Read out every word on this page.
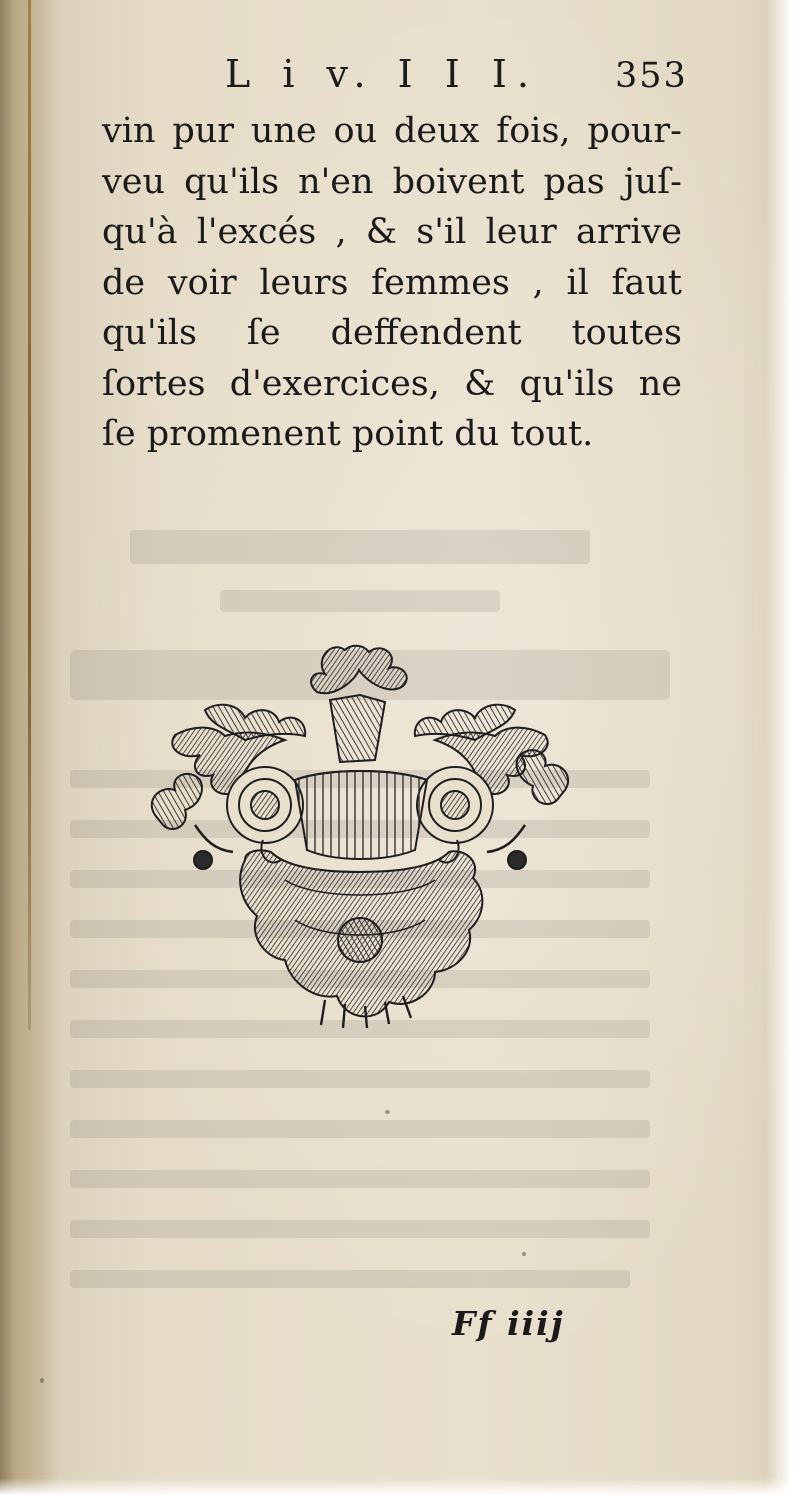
L i v. I I I. 353
vin pur une ou deux fois, pour-
veu qu'ils n'en boivent pas juſ-
qu'à l'excés , & s'il leur arrive
de voir leurs femmes , il faut
qu'ils ſe deffendent toutes
ſortes d'exercices, & qu'ils ne
ſe promenent point du tout.
Ff iiij
